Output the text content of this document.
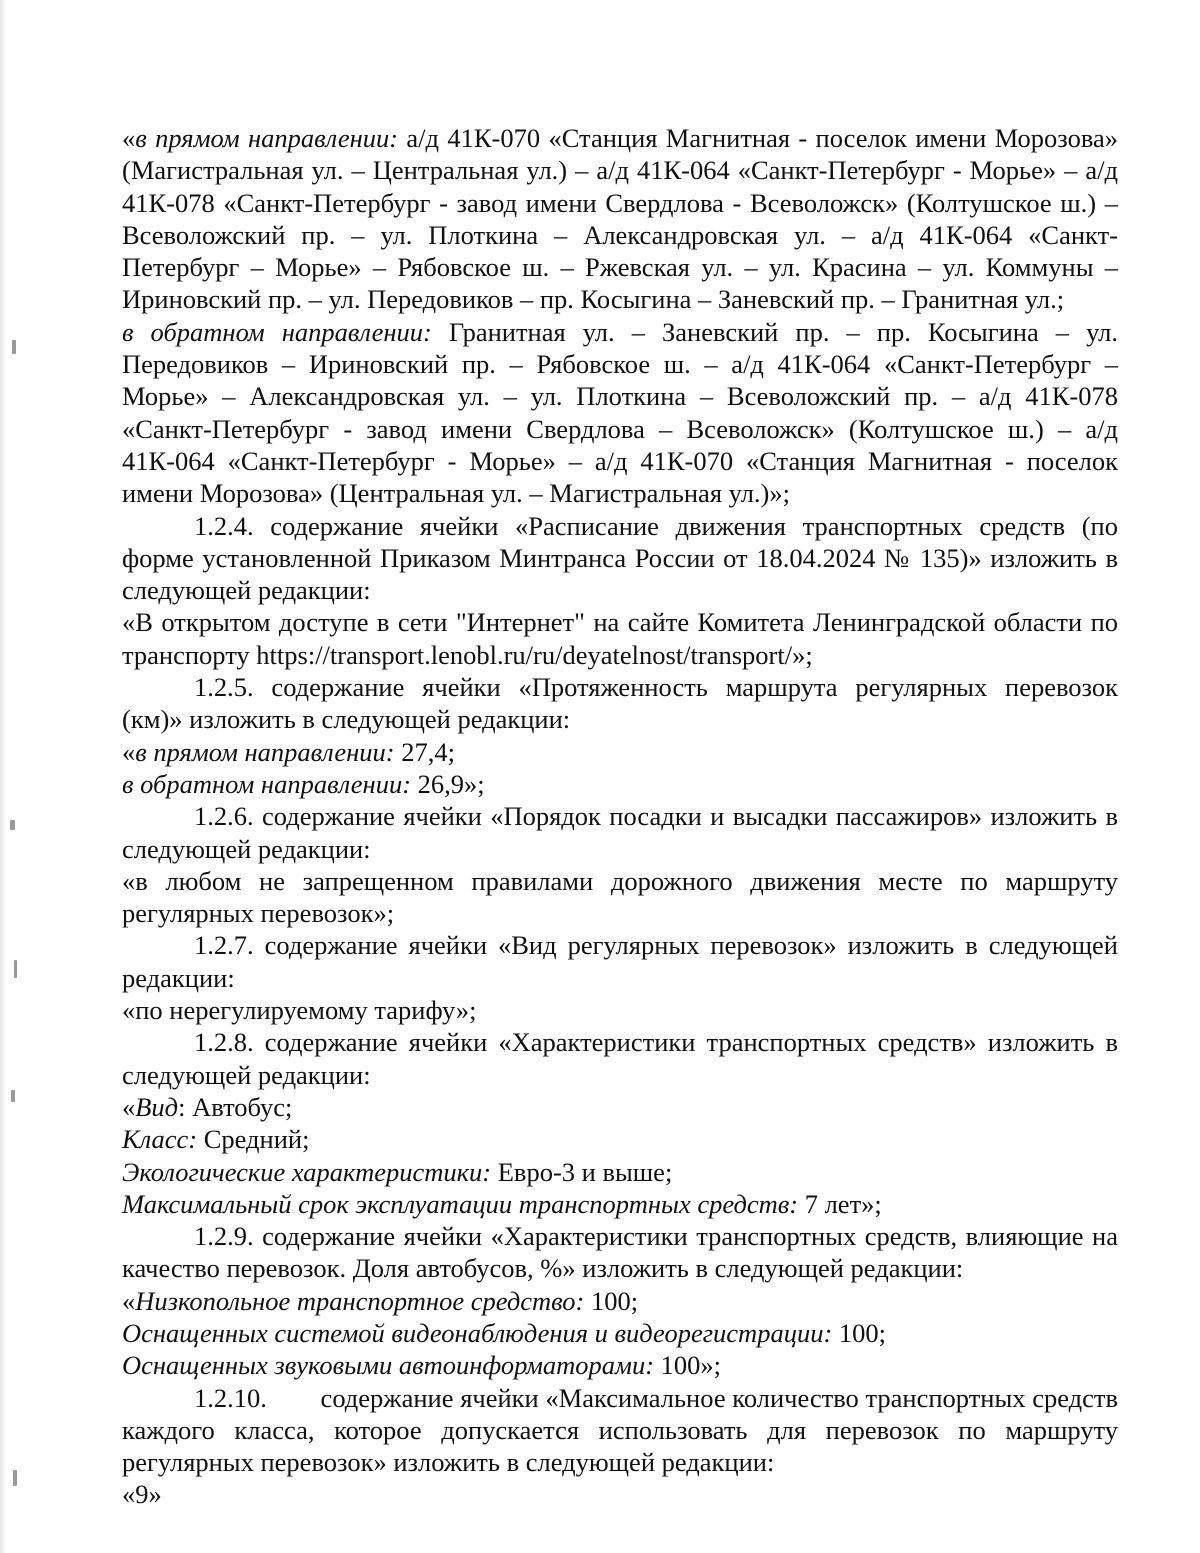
«в прямом направлении: а/д 41К-070 «Станция Магнитная - поселок имени Морозова» (Магистральная ул. – Центральная ул.) – а/д 41К-064 «Санкт-Петербург - Морье» – а/д 41К-078 «Санкт-Петербург - завод имени Свердлова - Всеволожск» (Колтушское ш.) – Всеволожский пр. – ул. Плоткина – Александровская ул. – а/д 41К-064 «Санкт-Петербург – Морье» – Рябовское ш. – Ржевская ул. – ул. Красина – ул. Коммуны – Ириновский пр. – ул. Передовиков – пр. Косыгина – Заневский пр. – Гранитная ул.;

в обратном направлении: Гранитная ул. – Заневский пр. – пр. Косыгина – ул. Передовиков – Ириновский пр. – Рябовское ш. – а/д 41К-064 «Санкт-Петербург – Морье» – Александровская ул. – ул. Плоткина – Всеволожский пр. – а/д 41К-078 «Санкт-Петербург - завод имени Свердлова – Всеволожск» (Колтушское ш.) – а/д 41К-064 «Санкт-Петербург - Морье» – а/д 41К-070 «Станция Магнитная - поселок имени Морозова» (Центральная ул. – Магистральная ул.)»;

1.2.4. содержание ячейки «Расписание движения транспортных средств (по форме установленной Приказом Минтранса России от 18.04.2024 № 135)» изложить в следующей редакции:

«В открытом доступе в сети "Интернет" на сайте Комитета Ленинградской области по транспорту https://transport.lenobl.ru/ru/deyatelnost/transport/»;

1.2.5. содержание ячейки «Протяженность маршрута регулярных перевозок (км)» изложить в следующей редакции:

«в прямом направлении: 27,4;

в обратном направлении: 26,9»;

1.2.6. содержание ячейки «Порядок посадки и высадки пассажиров» изложить в следующей редакции:

«в любом не запрещенном правилами дорожного движения месте по маршруту регулярных перевозок»;

1.2.7. содержание ячейки «Вид регулярных перевозок» изложить в следующей редакции:

«по нерегулируемому тарифу»;

1.2.8. содержание ячейки «Характеристики транспортных средств» изложить в следующей редакции:

«Вид: Автобус;

Класс: Средний;

Экологические характеристики: Евро-3 и выше;

Максимальный срок эксплуатации транспортных средств: 7 лет»;

1.2.9. содержание ячейки «Характеристики транспортных средств, влияющие на качество перевозок. Доля автобусов, %» изложить в следующей редакции:

«Низкопольное транспортное средство: 100;

Оснащенных системой видеонаблюдения и видеорегистрации: 100;

Оснащенных звуковыми автоинформаторами: 100»;

1.2.10.        содержание ячейки «Максимальное количество транспортных средств каждого класса, которое допускается использовать для перевозок по маршруту регулярных перевозок» изложить в следующей редакции:

«9»
